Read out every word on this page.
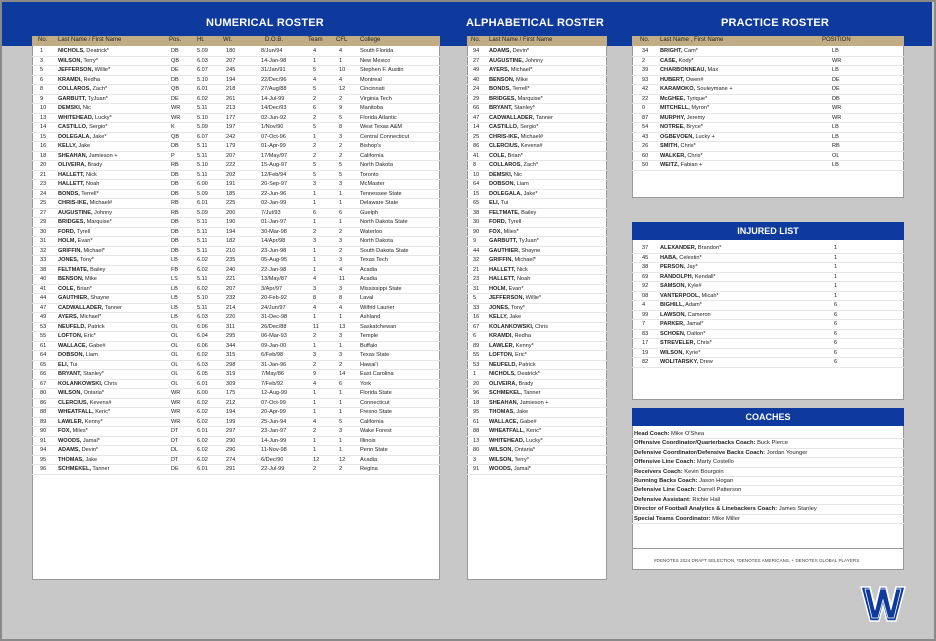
NUMERICAL ROSTER	ALPHABETICAL ROSTER	PRACTICE ROSTER
No. Last Name / First Name	Pos.	Ht.	Wt.	D.O.B.	Team CFL College
1	NICHOLS, Deatrick*	DB	5.09	180	8/Jun/94	4	4	South Florida
3	WILSON, Terry*	QB	6.03	207	14-Jan-98	1	1	New Mexico
5	JEFFERSON, Willie*	DE	6.07	245	31/Jan/91	5	10	Stephen F. Austin
6	KRAMDI, Redha	DB	5.10	194	22/Dec/96	4	4	Montreal
8	COLLAROS, Zach*	QB	6.01	218	27/Aug/88	5	12	Cincinnati
9	GARBUTT, TyJuan*	DE	6.02	261	14-Jul-99	2	2	Virginia Tech
10 DEMSKI, Nic	WR	5.11	213	14/Dec/93	6	9	Manitoba
13 WHITEHEAD, Lucky*	WR	5.10	177	02-Jun-92	2	5	Florida Atlantic
14 CASTILLO, Sergio*	K	5.09	197	1/Nov/90	5	8	West Texas A&M
15 DOLEGALA, Jake*	QB	6.07	242	07-Oct-96	1	3	Central Connecticut
16 KELLY, Jake	DB	5.11	179	01-Apr-99	2	2	Bishop's
18 SHEAHAN, Jamieson +	P	5.11	207	17/May/97	2	2	California
20 OLIVEIRA, Brady	RB	5.10	222	15-Aug-97	5	5	North Dakota
21 HALLETT, Nick	DB	5.11	202	12/Feb/94	5	5	Toronto
23 HALLETT, Noah	DB	6.00	191	20-Sep-97	3	3	McMaster
24 BONDS, Terrell*	DB	5.09	185	22-Jun-96	1	1	Tennessee State
25 CHRIS-IKE, Michael#	RB	6.01	225	02-Jan-99	1	1	Delaware State
27 AUGUSTINE, Johnny	RB	5.09	200	7/Jul/93	6	6	Guelph
29 BRIDGES, Marquise*	DB	5.11	190	01-Jan-97	1	1	North Dakota State
30 FORD, Tyrell	DB	5.11	194	30-Mar-98	2	2	Waterloo
31 HOLM, Evan*	DB	5.11	182	14/Apr/98	3	3	North Dakota
32 GRIFFIN, Michael*	DB	5.11	210	23-Jun-98	1	2	South Dakota State
33 JONES, Tony*	LB	6.02	235	05-Aug-95	1	3	Texas Tech
38 FELTMATE, Bailey	FB	6.02	240	22-Jan-98	1	4	Acadia
40 BENSON, Mike	LS	5.11	221	13/May/87	4	11	Acadia
41 COLE, Brian*	LB	6.02	207	3/Apr/97	3	3	Mississippi State
44 GAUTHIER, Shayne	LB	5.10	232	20-Feb-92	8	8	Laval
47 CADWALLADER, Tanner	LB	5.11	214	24/Jun/97	4	4	Wilfrid Laurier
49 AYERS, Michael*	LB	6.03	220	31-Dec-98	1	1	Ashland
53 NEUFELD, Patrick	OL	6.06	311	26/Dec/88	11	13	Saskatchewan
55 LOFTON, Eric*	OL	6.04	295	06-Mar-93	2	3	Temple
61 WALLACE, Gabe#	OL	6.06	344	09-Jan-00	1	1	Buffalo
64 DOBSON, Liam	OL	6.02	315	6/Feb/98	3	3	Texas State
65 ELI, Tui	OL	6.03	298	31-Jan-96	2	2	Hawai'i
66 BRYANT, Stanley*	OL	6.05	319	7/May/86	9	14	East Carolina
67 KOLANKOWSKI, Chris	OL	6.01	309	7/Feb/92	4	6	York
80 WILSON, Ontaria*	WR	6.00	175	12-Aug-99	1	1	Florida State
86 CLERCIUS, Kevens#	WR	6.02	212	07-Oct-99	1	1	Connecticut
88 WHEATFALL, Keric*	WR	6.02	194	20-Apr-99	1	1	Fresno State
89 LAWLER, Kenny*	WR	6.02	199	25-Jun-94	4	5	California
90 FOX, Miles*	DT	6.01	297	23-Jan-97	2	3	Wake Forest
91 WOODS, Jamal*	DT	6.02	290	14-Jun-99	1	1	Illinois
94 ADAMS, Devin*	DL	6.02	290	11-Nov-98	1	1	Penn State
95 THOMAS, Jake	DT	6.02	274	6/Dec/90	12	12	Acadia
96 SCHMEKEL, Tanner	DE	6.01	291	22-Jul-99	2	2	Regina
No. Last Name / First Name
94 ADAMS, Devin*
27 AUGUSTINE, Johnny
49 AYERS, Michael*
40 BENSON, Mike
24 BONDS, Terrell*
29 BRIDGES, Marquise*
66 BRYANT, Stanley*
47 CADWALLADER, Tanner
14 CASTILLO, Sergio*
25 CHRIS-IKE, Michael#
86 CLERCIUS, Kevens#
41 COLE, Brian*
8 COLLAROS, Zach*
10 DEMSKI, Nic
64 DOBSON, Liam
15 DOLEGALA, Jake*
65 ELI, Tui
38 FELTMATE, Bailey
30 FORD, Tyrell
90 FOX, Miles*
9 GARBUTT, TyJuan*
44 GAUTHIER, Shayne
32 GRIFFIN, Michael*
21 HALLETT, Nick
23 HALLETT, Noah
31 HOLM, Evan*
5 JEFFERSON, Willie*
33 JONES, Tony*
16 KELLY, Jake
67 KOLANKOWSKI, Chris
6 KRAMDI, Redha
89 LAWLER, Kenny*
55 LOFTON, Eric*
53 NEUFELD, Patrick
1 NICHOLS, Deatrick*
20 OLIVEIRA, Brady
96 SCHMEKEL, Tanner
18 SHEAHAN, Jamieson +
95 THOMAS, Jake
61 WALLACE, Gabe#
88 WHEATFALL, Keric*
13 WHITEHEAD, Lucky*
80 WILSON, Ontaria*
3 WILSON, Terry*
91 WOODS, Jamal*
No. Last Name , First Name	POSITION
34 BRIGHT, Cam*	LB
2	CASE, Kody*	WR
39 CHARBONNEAU, Max	LB
93 HUBERT, Owen#	DE
42 KARAMOKO, Souleymane +	DE
22 McGHEE, Tyrique*	DB
0	MITCHELL, Myron*	WR
87 MURPHY, Jeremy	WR
54 NOTREE, Bryce*	LB
43 OGBEVOEN, Lucky +	LB
26 SMITH, Chris*	RB
60 WALKER, Chris*	OL
50 WEITZ, Fabian +	LB
INJURED LIST
37 ALEXANDER, Brandon*	1
45 HABA, Celestin*	1
38 PERSON, Jay*	1
69 RANDOLPH, Kendall*	1
92 SAMSON, Kyle#	1
08 VANTERPOOL, Micah*	1
4	BIGHILL, Adam*	6
99 LAWSON, Cameron	6
7	PARKER, Jamal*	6
83 SCHOEN, Dalton*	6
17 STREVELER, Chris*	6
19 WILSON, Kyrie*	6
82 WOLITARSKY, Drew	6
COACHES
Head Coach: Mike O'Shea
Offensive Coordinator/Quarterbacks Coach: Buck Pierce
Defensive Coordinator/Defensive Backs Coach: Jordan Younger
Offensive Line Coach: Marty Costello
Receivers Coach: Kevin Bourgoin
Running Backs Coach: Jason Hogan
Defensive Line Coach: Darrell Patterson
Defensive Assistant: Richie Hall
Director of Football Analytics & Linebackers Coach: James Stanley
Special Teams Coordinator: Mike Miller
#DENOTES 2024 DRAFT SELECTION, *DENOTES AMERICANS, + DENOTES GLOBAL PLAYERS
